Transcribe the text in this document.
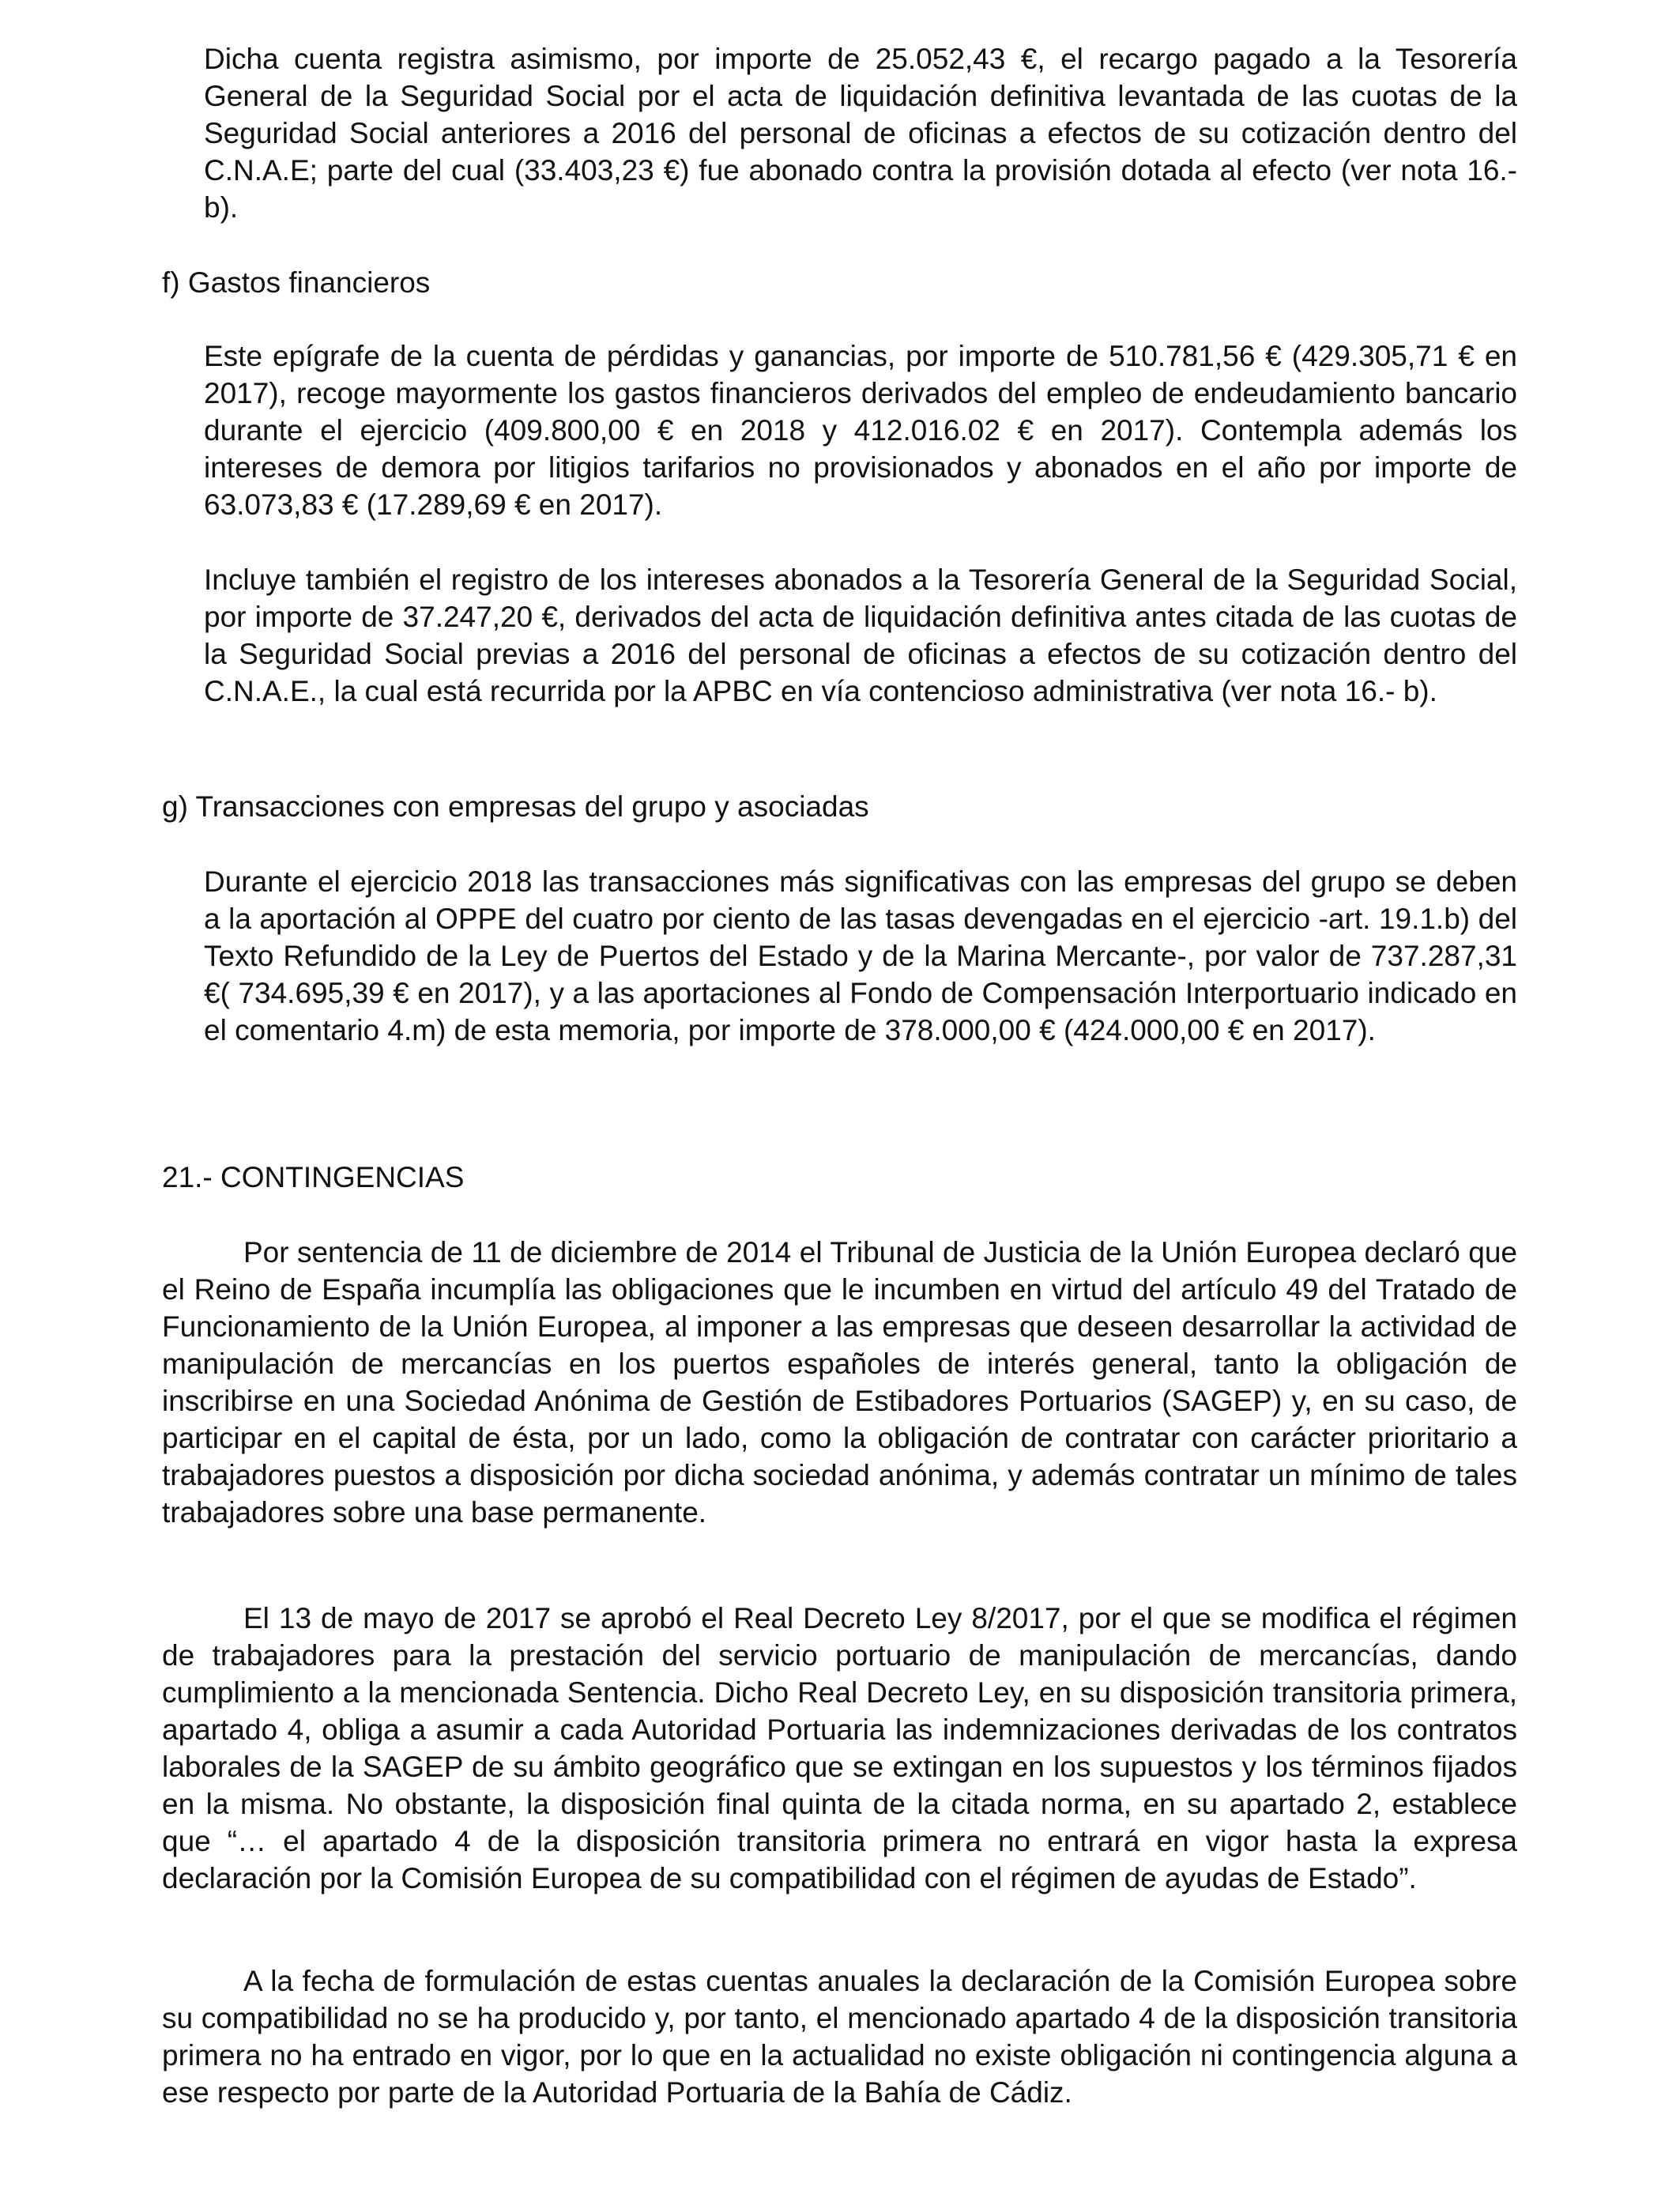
Dicha cuenta registra asimismo, por importe de 25.052,43 €, el recargo pagado a la Tesorería General de la Seguridad Social por el acta de liquidación definitiva levantada de las cuotas de la Seguridad Social anteriores a 2016 del personal de oficinas a efectos de su cotización dentro del C.N.A.E; parte del cual (33.403,23 €) fue abonado contra la provisión dotada al efecto (ver nota 16.- b).

f) Gastos financieros

Este epígrafe de la cuenta de pérdidas y ganancias, por importe de 510.781,56 € (429.305,71 € en 2017), recoge mayormente los gastos financieros derivados del empleo de endeudamiento bancario durante el ejercicio (409.800,00 € en 2018 y 412.016.02 € en 2017). Contempla además los intereses de demora por litigios tarifarios no provisionados y abonados en el año por importe de 63.073,83 € (17.289,69 € en 2017).

Incluye también el registro de los intereses abonados a la Tesorería General de la Seguridad Social, por importe de 37.247,20 €, derivados del acta de liquidación definitiva antes citada de las cuotas de la Seguridad Social previas a 2016 del personal de oficinas a efectos de su cotización dentro del C.N.A.E., la cual está recurrida por la APBC en vía contencioso administrativa (ver nota 16.- b).

g) Transacciones con empresas del grupo y asociadas

Durante el ejercicio 2018 las transacciones más significativas con las empresas del grupo se deben a la aportación al OPPE del cuatro por ciento de las tasas devengadas en el ejercicio -art. 19.1.b) del Texto Refundido de la Ley de Puertos del Estado y de la Marina Mercante-, por valor de 737.287,31 €( 734.695,39 € en 2017), y a las aportaciones al Fondo de Compensación Interportuario indicado en el comentario 4.m) de esta memoria, por importe de 378.000,00 € (424.000,00 € en 2017).

21.- CONTINGENCIAS

Por sentencia de 11 de diciembre de 2014 el Tribunal de Justicia de la Unión Europea declaró que el Reino de España incumplía las obligaciones que le incumben en virtud del artículo 49 del Tratado de Funcionamiento de la Unión Europea, al imponer a las empresas que deseen desarrollar la actividad de manipulación de mercancías en los puertos españoles de interés general, tanto la obligación de inscribirse en una Sociedad Anónima de Gestión de Estibadores Portuarios (SAGEP) y, en su caso, de participar en el capital de ésta, por un lado, como la obligación de contratar con carácter prioritario a trabajadores puestos a disposición por dicha sociedad anónima, y además contratar un mínimo de tales trabajadores sobre una base permanente.

El 13 de mayo de 2017 se aprobó el Real Decreto Ley 8/2017, por el que se modifica el régimen de trabajadores para la prestación del servicio portuario de manipulación de mercancías, dando cumplimiento a la mencionada Sentencia. Dicho Real Decreto Ley, en su disposición transitoria primera, apartado 4, obliga a asumir a cada Autoridad Portuaria las indemnizaciones derivadas de los contratos laborales de la SAGEP de su ámbito geográfico que se extingan en los supuestos y los términos fijados en la misma. No obstante, la disposición final quinta de la citada norma, en su apartado 2, establece que “… el apartado 4 de la disposición transitoria primera no entrará en vigor hasta la expresa declaración por la Comisión Europea de su compatibilidad con el régimen de ayudas de Estado”.

A la fecha de formulación de estas cuentas anuales la declaración de la Comisión Europea sobre su compatibilidad no se ha producido y, por tanto, el mencionado apartado 4 de la disposición transitoria primera no ha entrado en vigor, por lo que en la actualidad no existe obligación ni contingencia alguna a ese respecto por parte de la Autoridad Portuaria de la Bahía de Cádiz.
